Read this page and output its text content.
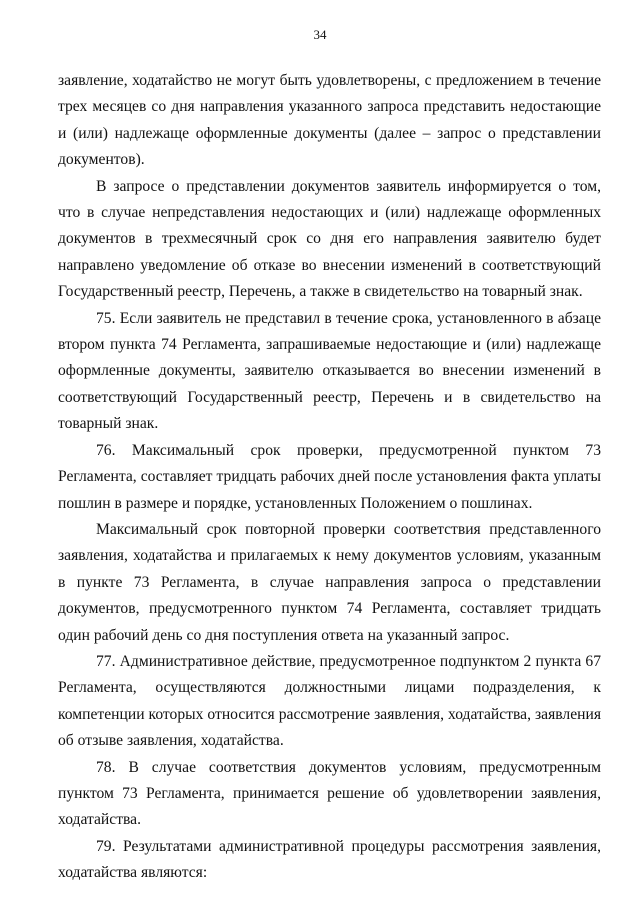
34

заявление, ходатайство не могут быть удовлетворены, с предложением в течение трех месяцев со дня направления указанного запроса представить недостающие и (или) надлежаще оформленные документы (далее – запрос о представлении документов).

В запросе о представлении документов заявитель информируется о том, что в случае непредставления недостающих и (или) надлежаще оформленных документов в трехмесячный срок со дня его направления заявителю будет направлено уведомление об отказе во внесении изменений в соответствующий Государственный реестр, Перечень, а также в свидетельство на товарный знак.

75. Если заявитель не представил в течение срока, установленного в абзаце втором пункта 74 Регламента, запрашиваемые недостающие и (или) надлежаще оформленные документы, заявителю отказывается во внесении изменений в соответствующий Государственный реестр, Перечень и в свидетельство на товарный знак.

76. Максимальный срок проверки, предусмотренной пунктом 73 Регламента, составляет тридцать рабочих дней после установления факта уплаты пошлин в размере и порядке, установленных Положением о пошлинах.

Максимальный срок повторной проверки соответствия представленного заявления, ходатайства и прилагаемых к нему документов условиям, указанным в пункте 73 Регламента, в случае направления запроса о представлении документов, предусмотренного пунктом 74 Регламента, составляет тридцать один рабочий день со дня поступления ответа на указанный запрос.

77. Административное действие, предусмотренное подпунктом 2 пункта 67 Регламента, осуществляются должностными лицами подразделения, к компетенции которых относится рассмотрение заявления, ходатайства, заявления об отзыве заявления, ходатайства.

78. В случае соответствия документов условиям, предусмотренным пунктом 73 Регламента, принимается решение об удовлетворении заявления, ходатайства.

79. Результатами административной процедуры рассмотрения заявления, ходатайства являются:
